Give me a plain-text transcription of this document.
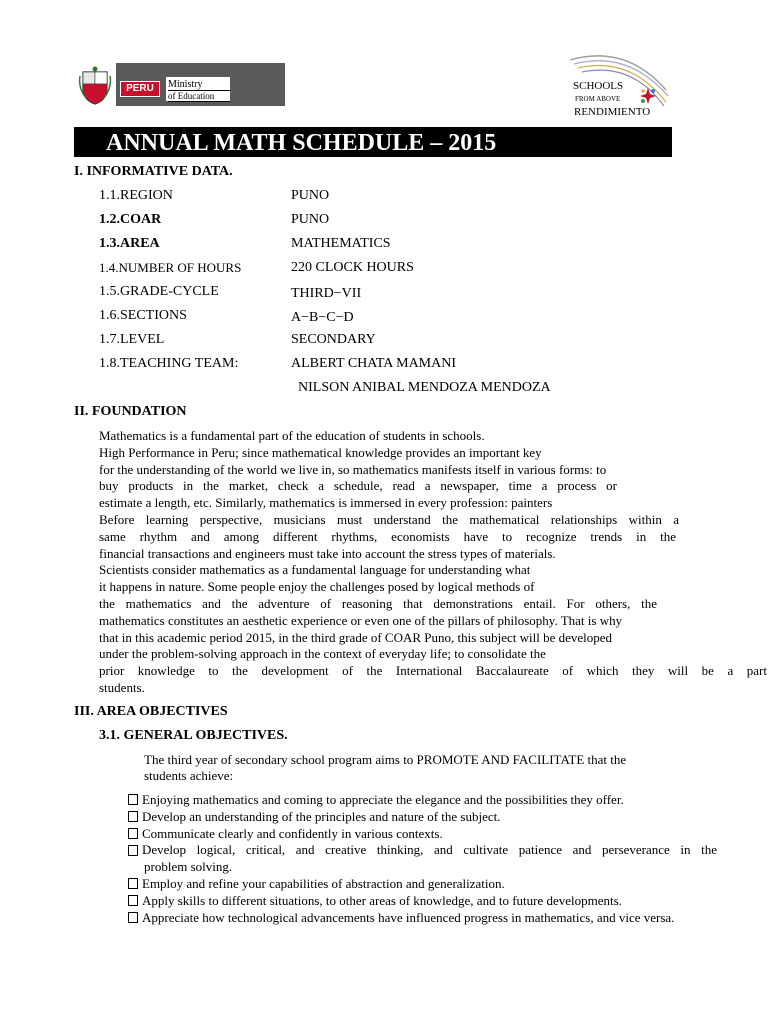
PERU	Ministry
of Education
SCHOOLS
FROM ABOVE
RENDIMIENTO
ANNUAL MATH SCHEDULE – 2015
I. INFORMATIVE DATA.
1.1.REGION	PUNO
1.2.COAR	PUNO
1.3.AREA	MATHEMATICS
1.4.NUMBER OF HOURS	220 CLOCK HOURS
1.5.GRADE-CYCLE	THIRD−VII
1.6.SECTIONS	A−B−C−D
1.7.LEVEL	SECONDARY
1.8.TEACHING TEAM:	ALBERT CHATA MAMANI
NILSON ANIBAL MENDOZA MENDOZA
II. FOUNDATION
Mathematics is a fundamental part of the education of students in schools.
High Performance in Peru; since mathematical knowledge provides an important key
for the understanding of the world we live in, so mathematics manifests itself in various forms: to
buy products in the market, check a schedule, read a newspaper, time a process or
estimate a length, etc. Similarly, mathematics is immersed in every profession: painters
Before learning perspective, musicians must understand the mathematical relationships within a
same rhythm and among different rhythms, economists have to recognize trends in the
financial transactions and engineers must take into account the stress types of materials.
Scientists consider mathematics as a fundamental language for understanding what
it happens in nature. Some people enjoy the challenges posed by logical methods of
the mathematics and the adventure of reasoning that demonstrations entail. For others, the
mathematics constitutes an aesthetic experience or even one of the pillars of philosophy. That is why
that in this academic period 2015, in the third grade of COAR Puno, this subject will be developed
under the problem-solving approach in the context of everyday life; to consolidate the
prior knowledge to the development of the International Baccalaureate of which they will be a part
students.
III. AREA OBJECTIVES
3.1. GENERAL OBJECTIVES.
The third year of secondary school program aims to PROMOTE AND FACILITATE that the
students achieve:
Enjoying mathematics and coming to appreciate the elegance and the possibilities they offer.
Develop an understanding of the principles and nature of the subject.
Communicate clearly and confidently in various contexts.
Develop logical, critical, and creative thinking, and cultivate patience and perseverance in the
problem solving.
Employ and refine your capabilities of abstraction and generalization.
Apply skills to different situations, to other areas of knowledge, and to future developments.
Appreciate how technological advancements have influenced progress in mathematics, and vice versa.
